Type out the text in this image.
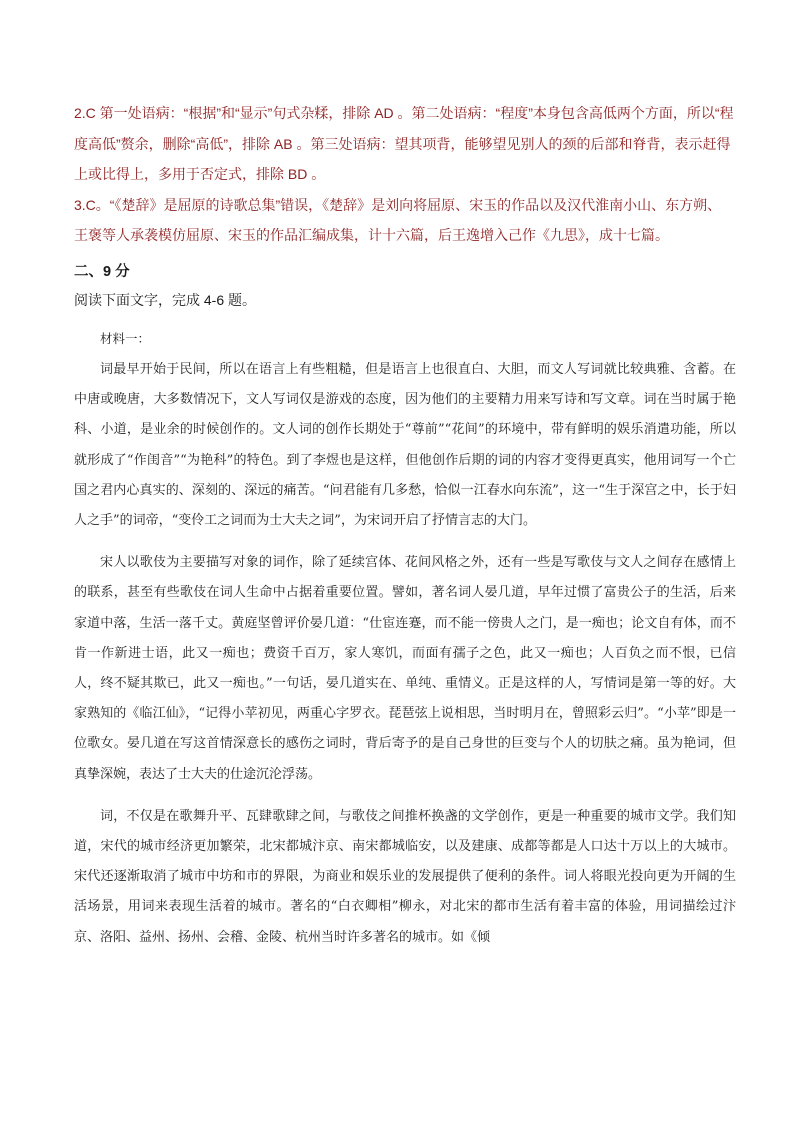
2.C 第一处语病：“根据”和“显示”句式杂糅，排除 AD 。第二处语病：“程度”本身包含高低两个方面，所以“程度高低”赘余，删除“高低”，排除 AB 。第三处语病：望其项背，能够望见别人的颈的后部和脊背，表示赶得上或比得上，多用于否定式，排除 BD 。

3.C。“《楚辞》是屈原的诗歌总集”错误，《楚辞》是刘向将屈原、宋玉的作品以及汉代淮南小山、东方朔、王褒等人承袭模仿屈原、宋玉的作品汇编成集，计十六篇，后王逸增入己作《九思》，成十七篇。

二、9 分

阅读下面文字，完成 4-6 题。

材料一：

词最早开始于民间，所以在语言上有些粗糙，但是语言上也很直白、大胆，而文人写词就比较典雅、含蓄。在中唐或晚唐，大多数情况下，文人写词仅是游戏的态度，因为他们的主要精力用来写诗和写文章。词在当时属于艳科、小道，是业余的时候创作的。文人词的创作长期处于“尊前”“花间”的环境中，带有鲜明的娱乐消遣功能，所以就形成了“作闺音”“为艳科”的特色。到了李煜也是这样，但他创作后期的词的内容才变得更真实，他用词写一个亡国之君内心真实的、深刻的、深远的痛苦。“问君能有几多愁，恰似一江春水向东流”，这一“生于深宫之中，长于妇人之手”的词帝，“变伶工之词而为士大夫之词”，为宋词开启了抒情言志的大门。

宋人以歌伎为主要描写对象的词作，除了延续宫体、花间风格之外，还有一些是写歌伎与文人之间存在感情上的联系，甚至有些歌伎在词人生命中占据着重要位置。譬如，著名词人晏几道，早年过惯了富贵公子的生活，后来家道中落，生活一落千丈。黄庭坚曾评价晏几道：“仕宦连蹇，而不能一傍贵人之门，是一痴也；论文自有体，而不肯一作新进士语，此又一痴也；费资千百万，家人寒饥，而面有孺子之色，此又一痴也；人百负之而不恨，已信人，终不疑其欺已，此又一痴也。”一句话，晏几道实在、单纯、重情义。正是这样的人，写情词是第一等的好。大家熟知的《临江仙》，“记得小苹初见，两重心字罗衣。琵琶弦上说相思，当时明月在，曾照彩云归”。“小苹”即是一位歌女。晏几道在写这首情深意长的感伤之词时，背后寄予的是自己身世的巨变与个人的切肤之痛。虽为艳词，但真挚深婉，表达了士大夫的仕途沉沦浮荡。

词，不仅是在歌舞升平、瓦肆歌肆之间，与歌伎之间推杯换盏的文学创作，更是一种重要的城市文学。我们知道，宋代的城市经济更加繁荣，北宋都城汴京、南宋都城临安，以及建康、成都等都是人口达十万以上的大城市。宋代还逐渐取消了城市中坊和市的界限，为商业和娱乐业的发展提供了便利的条件。词人将眼光投向更为开阔的生活场景，用词来表现生活着的城市。著名的“白衣卿相”柳永，对北宋的都市生活有着丰富的体验，用词描绘过汴京、洛阳、益州、扬州、会稽、金陵、杭州当时许多著名的城市。如《倾
